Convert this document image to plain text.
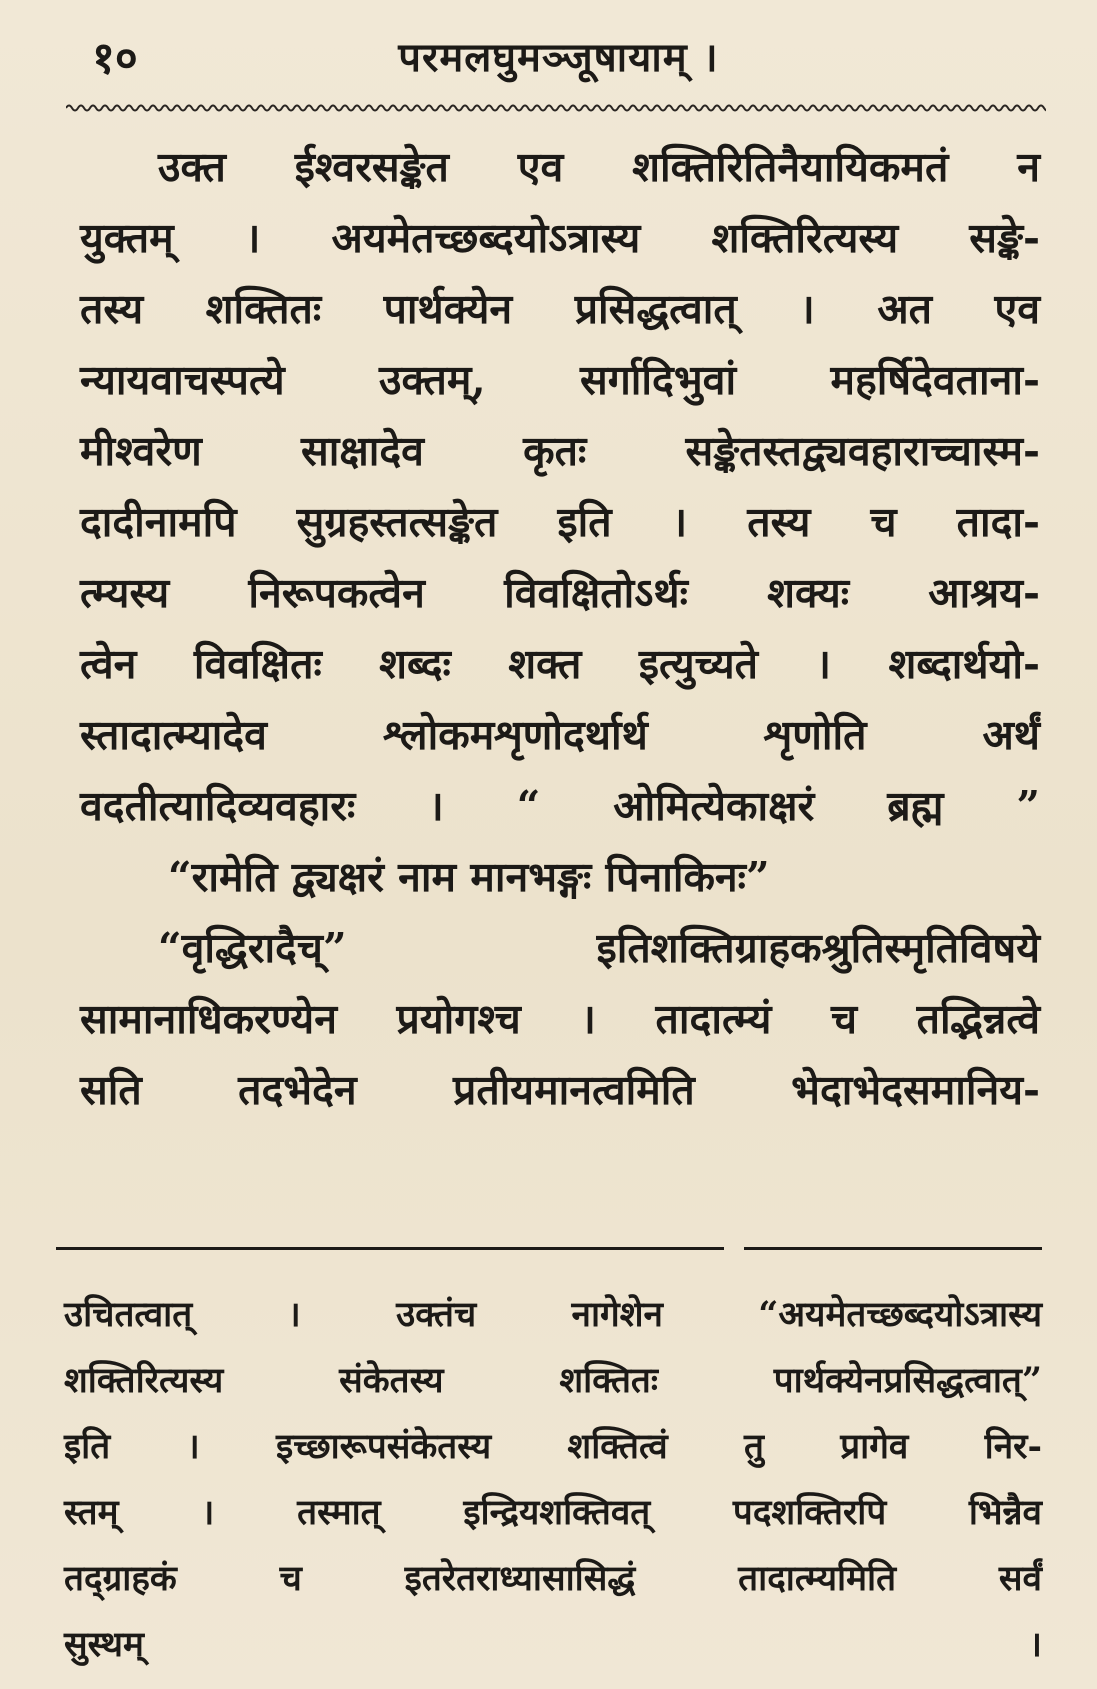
१०	परमलघुमञ्जूषायाम् ।
उक्त ईश्वरसङ्केत एव शक्तिरितिनैयायिकमतं न
युक्तम् । अयमेतच्छब्दयोऽत्रास्य शक्तिरित्यस्य सङ्के-
तस्य शक्तितः पार्थक्येन प्रसिद्धत्वात् । अत एव
न्यायवाचस्पत्ये उक्तम्, सर्गादिभुवां महर्षिदेवताना-
मीश्वरेण साक्षादेव कृतः सङ्केतस्तद्व्यवहाराच्चास्म-
दादीनामपि सुग्रहस्तत्सङ्केत इति । तस्य च तादा-
त्म्यस्य निरूपकत्वेन विवक्षितोऽर्थः शक्यः आश्रय-
त्वेन विवक्षितः शब्दः शक्त इत्युच्यते । शब्दार्थयो-
स्तादात्म्यादेव श्लोकमशृणोदर्थार्थ शृणोति अर्थं
वदतीत्यादिव्यवहारः । “ ओमित्येकाक्षरं ब्रह्म ”
“रामेति द्व्यक्षरं नाम मानभङ्गः पिनाकिनः”
“वृद्धिरादैच्” इतिशक्तिग्राहकश्रुतिस्मृतिविषये
सामानाधिकरण्येन प्रयोगश्च । तादात्म्यं च तद्भिन्नत्वे
सति तदभेदेन प्रतीयमानत्वमिति भेदाभेदसमानिय-
उचितत्वात् । उक्तंच नागेशेन “अयमेतच्छब्दयोऽत्रास्य
शक्तिरित्यस्य संकेतस्य शक्तितः पार्थक्येनप्रसिद्धत्वात्”
इति । इच्छारूपसंकेतस्य शक्तित्वं तु प्रागेव निर-
स्तम् । तस्मात् इन्द्रियशक्तिवत् पदशक्तिरपि भिन्नैव
तद्ग्राहकं च इतरेतराध्यासासिद्धं तादात्म्यमिति सर्वं
सुस्थम् ।
